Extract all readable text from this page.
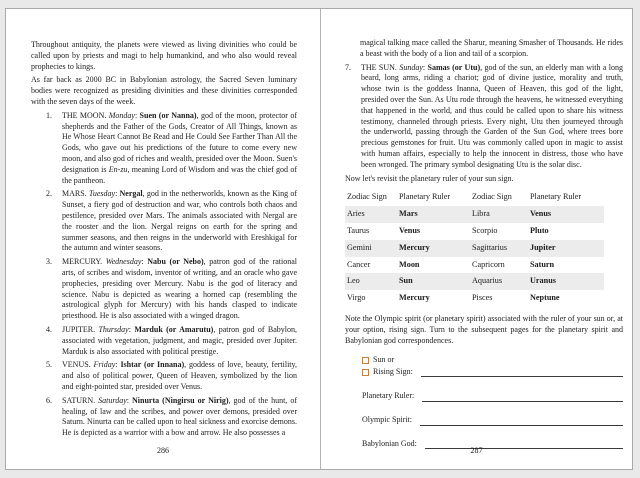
Throughout antiquity, the planets were viewed as living divinities who could be called upon by priests and magi to help humankind, and who also would reveal prophecies to kings.

As far back as 2000 BC in Babylonian astrology, the Sacred Seven luminary bodies were recognized as presiding divinities and these divinities corresponded with the seven days of the week.

1.	THE MOON. Monday: Suen (or Nanna), god of the moon, protector of shepherds and the Father of the Gods, Creator of All Things, known as He Whose Heart Cannot Be Read and He Could See Farther Than All the Gods, who gave out his predictions of the future to come every new moon, and also god of riches and wealth, presided over the Moon. Suen's designation is En-zu, meaning Lord of Wisdom and was the chief god of the pantheon.
2.	MARS. Tuesday: Nergal, god in the netherworlds, known as the King of Sunset, a fiery god of destruction and war, who controls both chaos and pestilence, presided over Mars. The animals associated with Nergal are the rooster and the lion. Nergal reigns on earth for the spring and summer seasons, and then reigns in the underworld with Ereshkigal for the autumn and winter seasons.
3.	MERCURY. Wednesday: Nabu (or Nebo), patron god of the rational arts, of scribes and wisdom, inventor of writing, and an oracle who gave prophecies, presiding over Mercury. Nabu is the god of literacy and science. Nabu is depicted as wearing a horned cap (resembling the astrological glyph for Mercury) with his hands clasped to indicate priesthood. He is also associated with a winged dragon.
4.	JUPITER. Thursday: Marduk (or Amarutu), patron god of Babylon, associated with vegetation, judgment, and magic, presided over Jupiter. Marduk is also associated with political prestige.
5.	VENUS. Friday: Ishtar (or Innana), goddess of love, beauty, fertility, and also of political power, Queen of Heaven, symbolized by the lion and eight-pointed star, presided over Venus.
6.	SATURN. Saturday: Ninurta (Ningirsu or Nirig), god of the hunt, of healing, of law and the scribes, and power over demons, presided over Saturn. Ninurta can be called upon to heal sickness and exorcise demons. He is depicted as a warrior with a bow and arrow. He also possesses a
286

magical talking mace called the Sharur, meaning Smasher of Thousands. He rides a beast with the body of a lion and tail of a scorpion.

7.	THE SUN. Sunday: Samas (or Utu), god of the sun, an elderly man with a long beard, long arms, riding a chariot; god of divine justice, morality and truth, whose twin is the goddess Inanna, Queen of Heaven, this god of the light, presided over the Sun. As Utu rode through the heavens, he witnessed everything that happened in the world, and thus could be called upon to share his witness testimony, channeled through priests. Every night, Utu then journeyed through the underworld, passing through the Garden of the Sun God, where trees bore precious gemstones for fruit. Utu was commonly called upon in magic to assist with human affairs, especially to help the innocent in distress, those who have been wronged. The primary symbol designating Utu is the solar disc.

Now let's revisit the planetary ruler of your sun sign.

Zodiac Sign	Planetary Ruler	Zodiac Sign	Planetary Ruler
Aries	Mars	Libra	Venus
Taurus	Venus	Scorpio	Pluto
Gemini	Mercury	Sagittarius	Jupiter
Cancer	Moon	Capricorn	Saturn
Leo	Sun	Aquarius	Uranus
Virgo	Mercury	Pisces	Neptune

Note the Olympic spirit (or planetary spirit) associated with the ruler of your sun or, at your option, rising sign. Turn to the subsequent pages for the planetary spirit and Babylonian god correspondences.

Sun or
Rising Sign:
Planetary Ruler:
Olympic Spirit:
Babylonian God:
287
